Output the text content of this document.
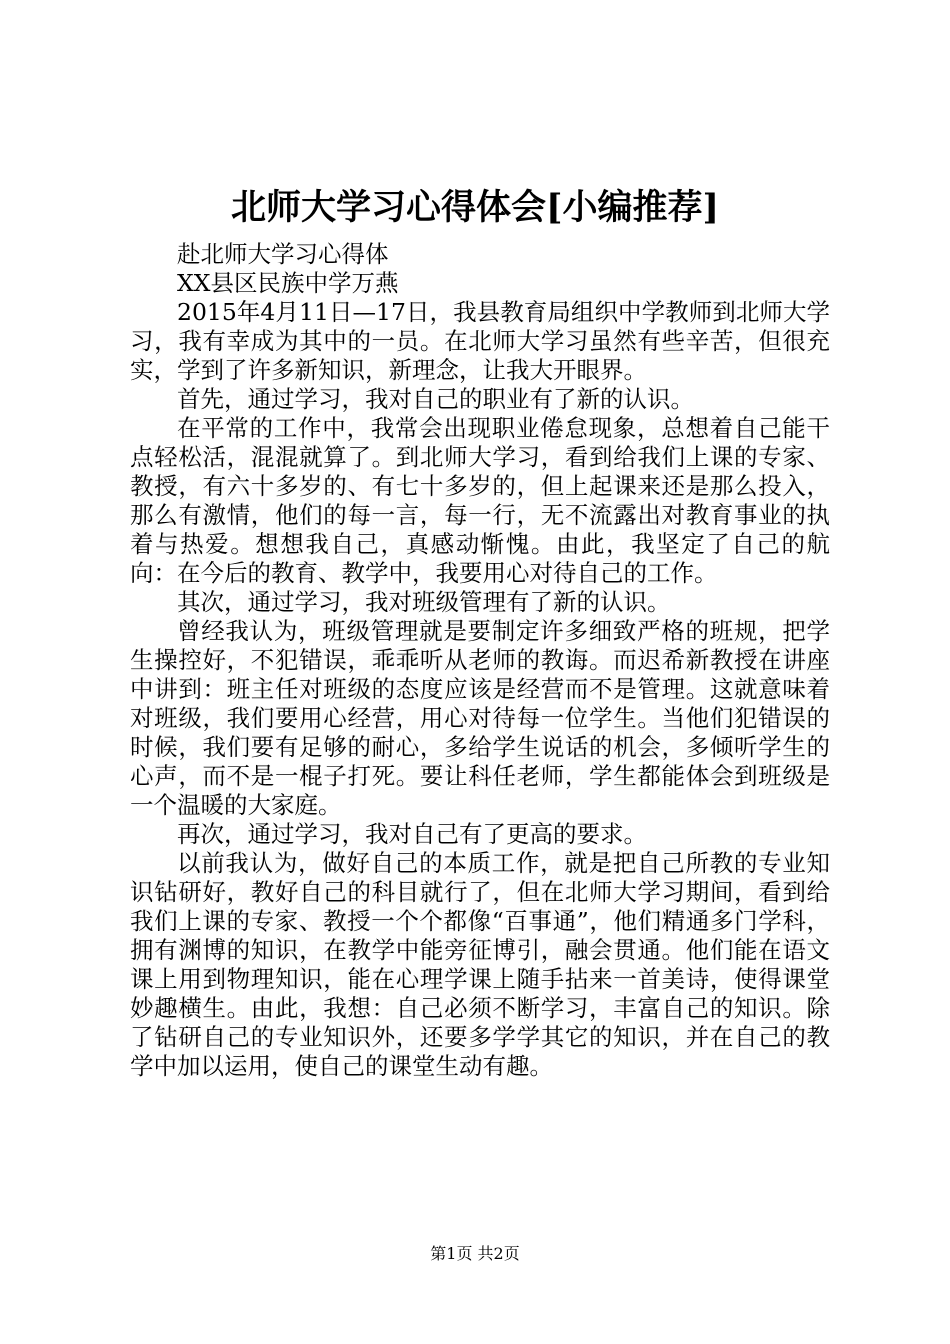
北师大学习心得体会[小编推荐]

赴北师大学习心得体

XX县区民族中学万燕

2015年4月11日—17日，我县教育局组织中学教师到北师大学习，我有幸成为其中的一员。在北师大学习虽然有些辛苦，但很充实，学到了许多新知识，新理念，让我大开眼界。

首先，通过学习，我对自己的职业有了新的认识。

在平常的工作中，我常会出现职业倦怠现象，总想着自己能干点轻松活，混混就算了。到北师大学习，看到给我们上课的专家、教授，有六十多岁的、有七十多岁的，但上起课来还是那么投入，那么有激情，他们的每一言，每一行，无不流露出对教育事业的执着与热爱。想想我自己，真感动惭愧。由此，我坚定了自己的航向：在今后的教育、教学中，我要用心对待自己的工作。

其次，通过学习，我对班级管理有了新的认识。

曾经我认为，班级管理就是要制定许多细致严格的班规，把学生操控好，不犯错误，乖乖听从老师的教诲。而迟希新教授在讲座中讲到：班主任对班级的态度应该是经营而不是管理。这就意味着对班级，我们要用心经营，用心对待每一位学生。当他们犯错误的时候，我们要有足够的耐心，多给学生说话的机会，多倾听学生的心声，而不是一棍子打死。要让科任老师，学生都能体会到班级是一个温暖的大家庭。

再次，通过学习，我对自己有了更高的要求。

以前我认为，做好自己的本质工作，就是把自己所教的专业知识钻研好，教好自己的科目就行了，但在北师大学习期间，看到给我们上课的专家、教授一个个都像“百事通”，他们精通多门学科，拥有渊博的知识，在教学中能旁征博引，融会贯通。他们能在语文课上用到物理知识，能在心理学课上随手拈来一首美诗，使得课堂妙趣横生。由此，我想：自己必须不断学习，丰富自己的知识。除了钻研自己的专业知识外，还要多学学其它的知识，并在自己的教学中加以运用，使自己的课堂生动有趣。

第1页 共2页
